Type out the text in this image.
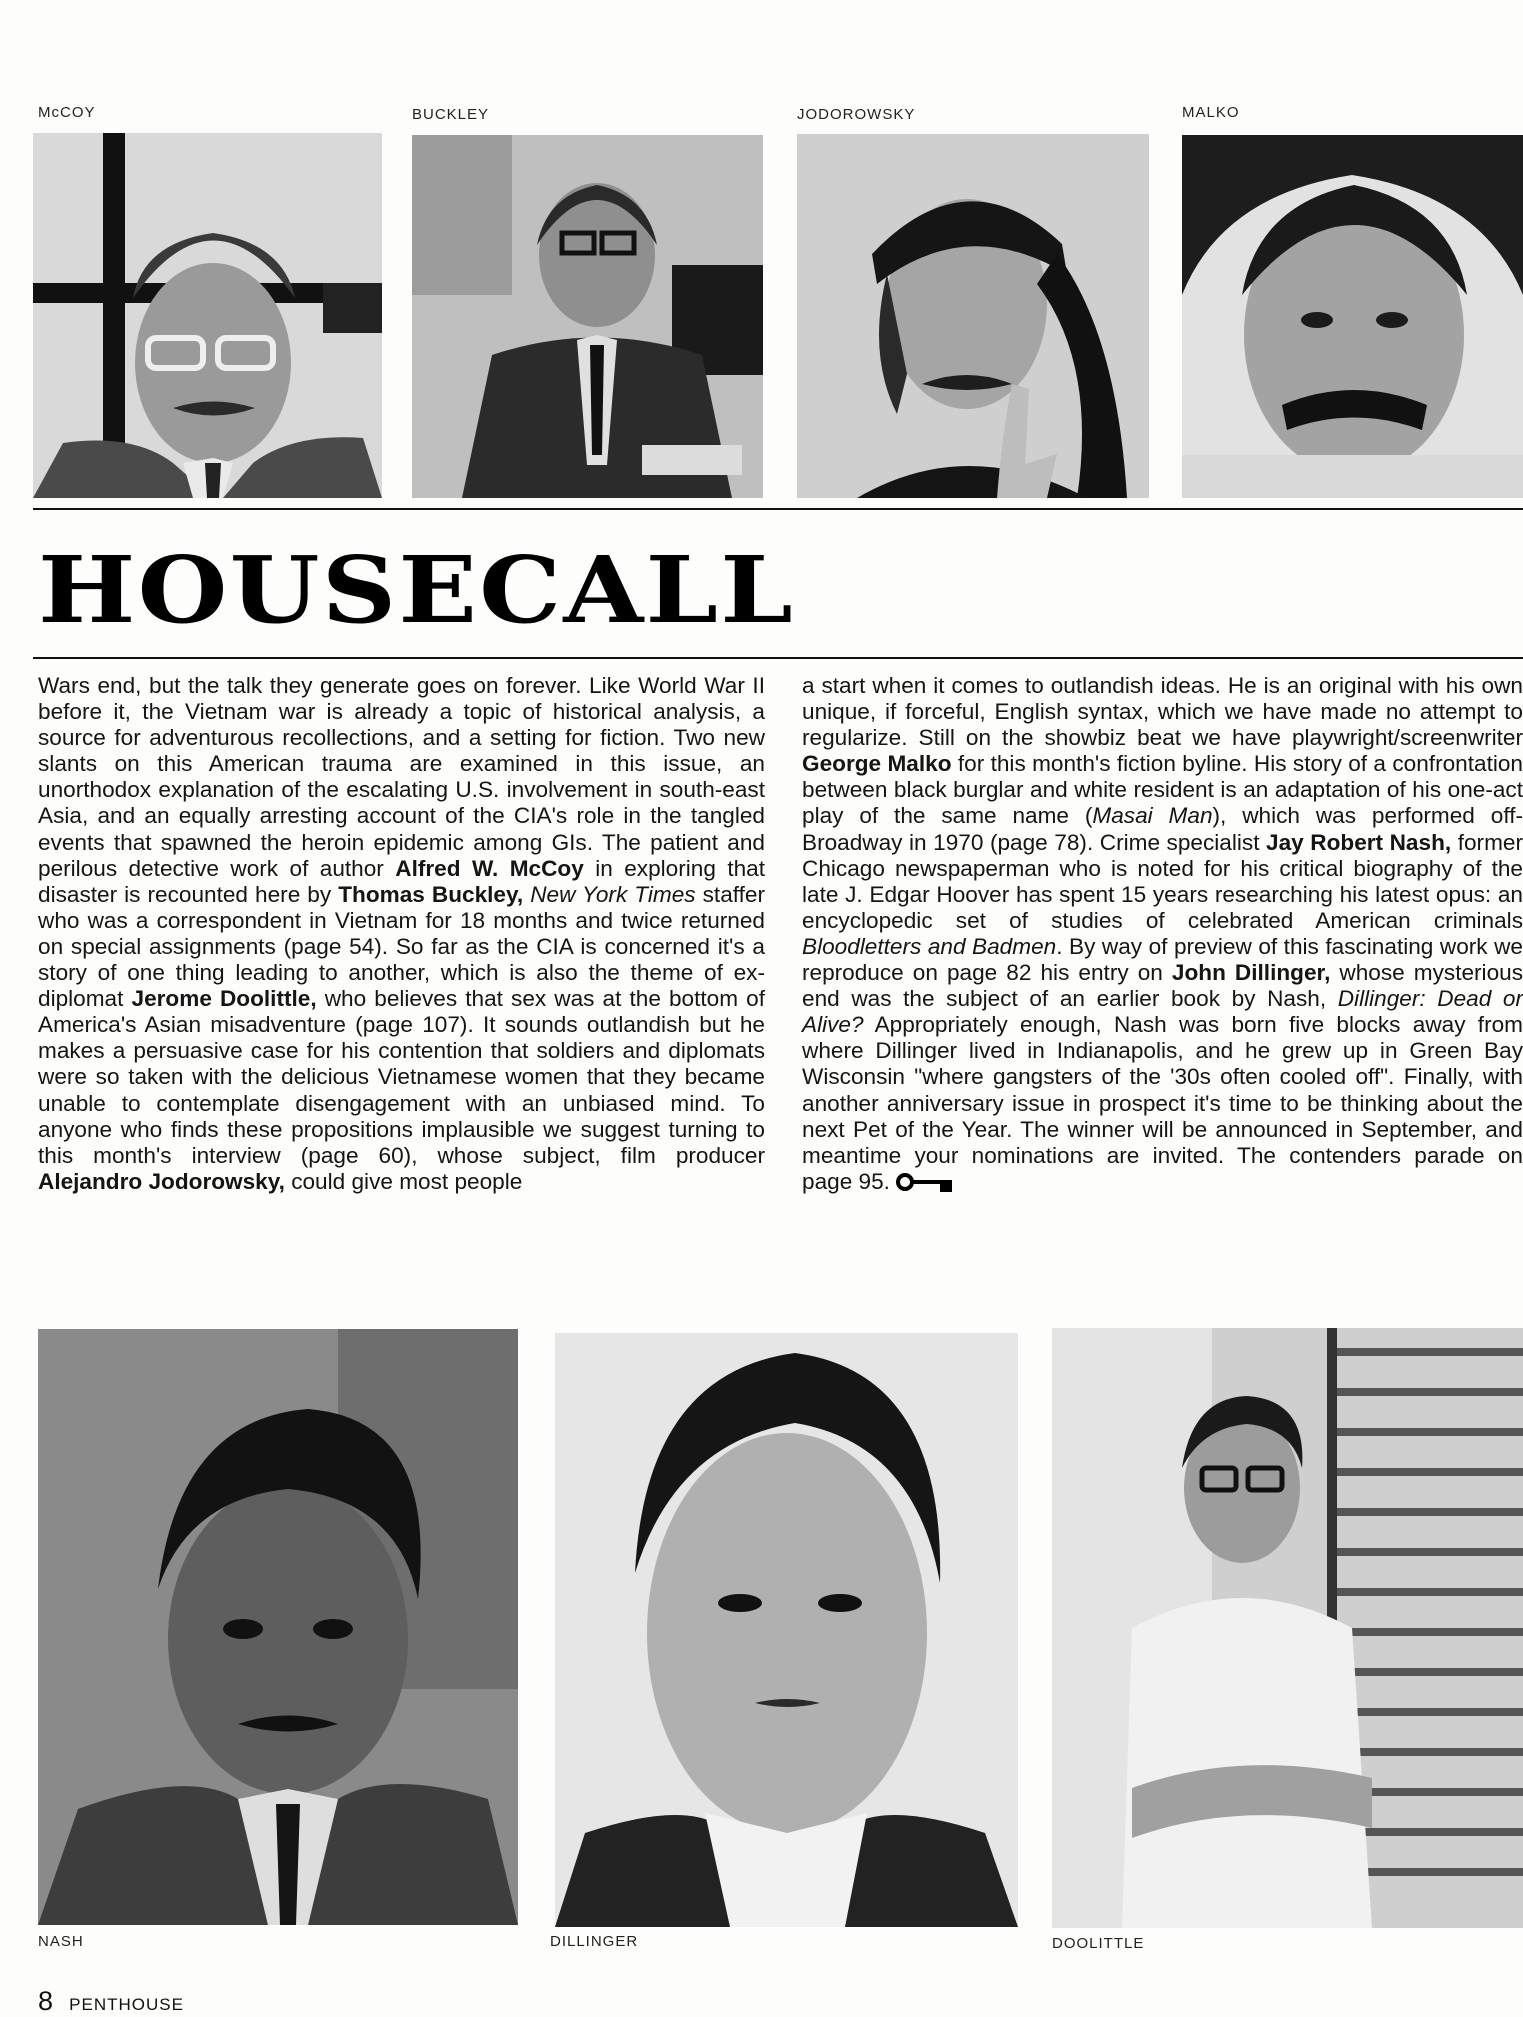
McCOY	BUCKLEY	JODOROWSKY	MALKO
HOUSECALL
Wars end, but the talk they generate goes on forever. Like World War II before it, the Vietnam war is already a topic of historical analysis, a source for adventurous recollections, and a setting for fiction. Two new slants on this American trauma are examined in this issue, an unorthodox explanation of the escalating U.S. involvement in south-east Asia, and an equally arresting account of the CIA's role in the tangled events that spawned the heroin epidemic among GIs. The patient and perilous detective work of author Alfred W. McCoy in exploring that disaster is recounted here by Thomas Buckley, New York Times staffer who was a correspondent in Vietnam for 18 months and twice returned on special assignments (page 54). So far as the CIA is concerned it's a story of one thing leading to another, which is also the theme of ex-diplomat Jerome Doolittle, who believes that sex was at the bottom of America's Asian misadventure (page 107). It sounds outlandish but he makes a persuasive case for his contention that soldiers and diplomats were so taken with the delicious Vietnamese women that they became unable to contemplate disengagement with an unbiased mind. To anyone who finds these propositions implausible we suggest turning to this month's interview (page 60), whose subject, film producer Alejandro Jodorowsky, could give most people
a start when it comes to outlandish ideas. He is an original with his own unique, if forceful, English syntax, which we have made no attempt to regularize. Still on the showbiz beat we have playwright/screenwriter George Malko for this month's fiction byline. His story of a confrontation between black burglar and white resident is an adaptation of his one-act play of the same name (Masai Man), which was performed off-Broadway in 1970 (page 78). Crime specialist Jay Robert Nash, former Chicago newspaperman who is noted for his critical biography of the late J. Edgar Hoover has spent 15 years researching his latest opus: an encyclopedic set of studies of celebrated American criminals Bloodletters and Badmen. By way of preview of this fascinating work we reproduce on page 82 his entry on John Dillinger, whose mysterious end was the subject of an earlier book by Nash, Dillinger: Dead or Alive? Appropriately enough, Nash was born five blocks away from where Dillinger lived in Indianapolis, and he grew up in Green Bay Wisconsin "where gangsters of the '30s often cooled off". Finally, with another anniversary issue in prospect it's time to be thinking about the next Pet of the Year. The winner will be announced in September, and meantime your nominations are invited. The contenders parade on page 95.
NASH	DILLINGER	DOOLITTLE
8 PENTHOUSE
